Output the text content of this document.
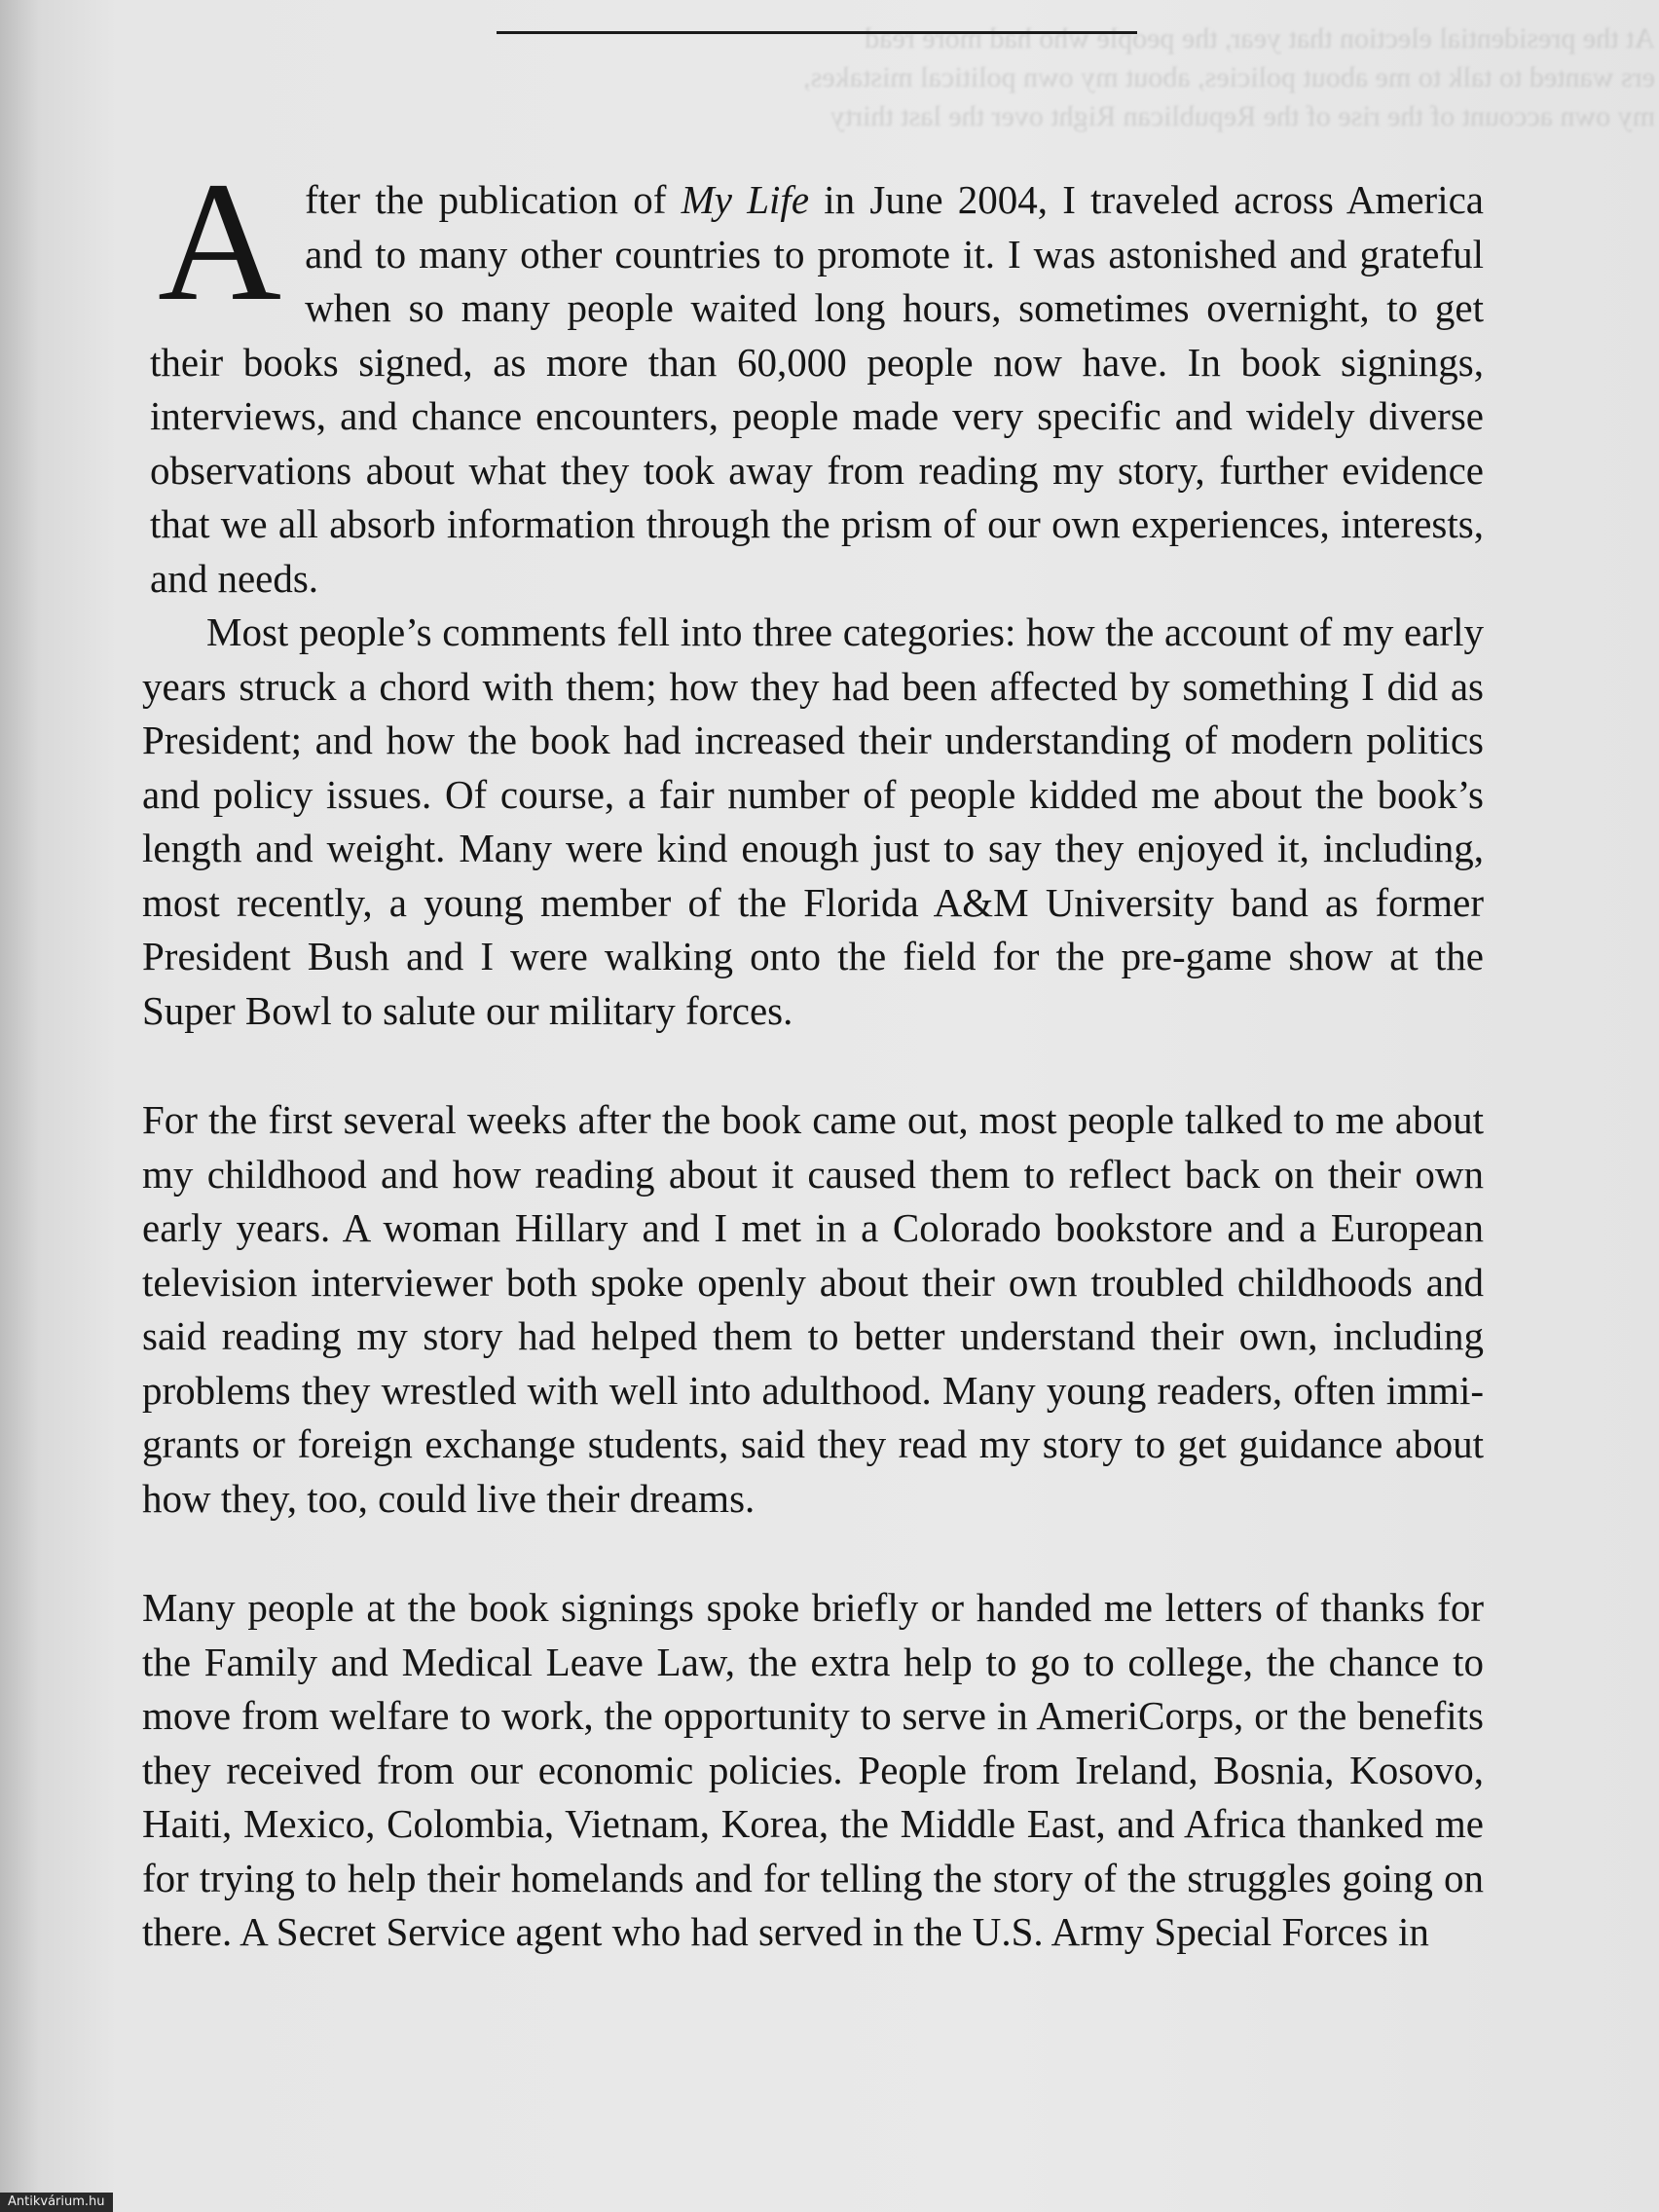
At the presidential election that year, the people who had more read
ers wanted to talk to me about policies, about my own political mistakes,
my own account of the rise of the Republican Right over the last thirty

After the publication of My Life in June 2004, I traveled across America and to many other countries to promote it. I was astonished and grateful when so many people waited long hours, sometimes overnight, to get their books signed, as more than 60,000 people now have. In book signings, interviews, and chance encounters, people made very specific and widely diverse observations about what they took away from reading my story, further evidence that we all absorb information through the prism of our own experiences, interests, and needs.

Most people’s comments fell into three categories: how the account of my early years struck a chord with them; how they had been affected by something I did as President; and how the book had increased their understanding of modern politics and policy issues. Of course, a fair number of people kidded me about the book’s length and weight. Many were kind enough just to say they enjoyed it, including, most recently, a young member of the Florida A&M University band as former President Bush and I were walking onto the field for the pre-game show at the Super Bowl to salute our military forces.

For the first several weeks after the book came out, most people talked to me about my childhood and how reading about it caused them to reflect back on their own early years. A woman Hillary and I met in a Colorado bookstore and a European television interviewer both spoke openly about their own troubled childhoods and said reading my story had helped them to better understand their own, including problems they wrestled with well into adulthood. Many young readers, often immigrants or foreign exchange students, said they read my story to get guidance about how they, too, could live their dreams.

Many people at the book signings spoke briefly or handed me letters of thanks for the Family and Medical Leave Law, the extra help to go to college, the chance to move from welfare to work, the opportunity to serve in AmeriCorps, or the benefits they received from our economic policies. People from Ireland, Bosnia, Kosovo, Haiti, Mexico, Colombia, Vietnam, Korea, the Middle East, and Africa thanked me for trying to help their homelands and for telling the story of the struggles going on there. A Secret Service agent who had served in the U.S. Army Special Forces in

Antikvárium.hu
